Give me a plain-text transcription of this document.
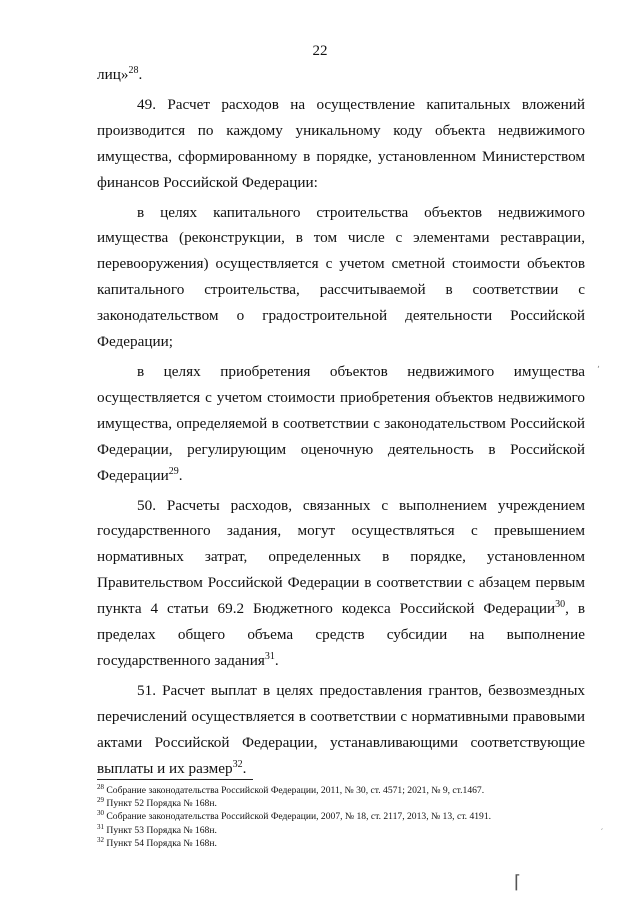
22

лиц»$^{28}$.

49. Расчет расходов на осуществление капитальных вложений производится по каждому уникальному коду объекта недвижимого имущества, сформированному в порядке, установленном Министерством финансов Российской Федерации:

в целях капитального строительства объектов недвижимого имущества (реконструкции, в том числе с элементами реставрации, перевооружения) осуществляется с учетом сметной стоимости объектов капитального строительства, рассчитываемой в соответствии с законодательством о градостроительной деятельности Российской Федерации;

в целях приобретения объектов недвижимого имущества осуществляется с учетом стоимости приобретения объектов недвижимого имущества, определяемой в соответствии с законодательством Российской Федерации, регулирующим оценочную деятельность в Российской Федерации$^{29}$.

50. Расчеты расходов, связанных с выполнением учреждением государственного задания, могут осуществляться с превышением нормативных затрат, определенных в порядке, установленном Правительством Российской Федерации в соответствии с абзацем первым пункта 4 статьи 69.2 Бюджетного кодекса Российской Федерации$^{30}$, в пределах общего объема средств субсидии на выполнение государственного задания$^{31}$.

51. Расчет выплат в целях предоставления грантов, безвозмездных перечислений осуществляется в соответствии с нормативными правовыми актами Российской Федерации, устанавливающими соответствующие выплаты и их размер$^{32}$.

$^{28}$ Собрание законодательства Российской Федерации, 2011, № 30, ст. 4571; 2021, № 9, ст.1467.
$^{29}$ Пункт 52 Порядка № 168н.
$^{30}$ Собрание законодательства Российской Федерации, 2007, № 18, ст. 2117, 2013, № 13, ст. 4191.
$^{31}$ Пункт 53 Порядка № 168н.
$^{32}$ Пункт 54 Порядка № 168н.
‚
′
⌈
